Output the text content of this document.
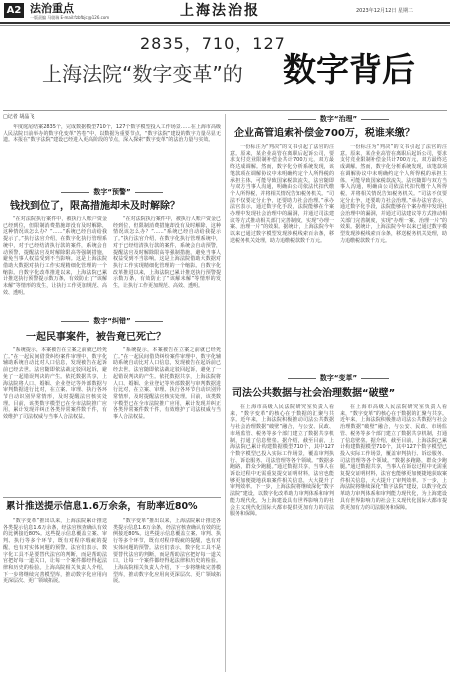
A2 法治重点
一版责编 马勍瑞 E-mail:fzbfbjc@126.com	上海法治报	2023年12月12日 星期二
2835，710，127
上海法院“数字变革”的 数字背后
□记者 胡晶飞
年度庭尾结案2835个，完成数据模型710个，127个数字模型投入工作场景……在上海市高级人民法院日前举办的数字化变革“答卷”中，以数据为重要节点，“数字法院”建设的数字力量尽显无遗。本报在“数字法院”建设已经进入更高阶段的节点，深入探索“数字变革”的法治力量与实效。
数字“预警”
钱找到位了，限高措施却未及时解除？
“在对法院执行案件中，被执行人账户资金已经到位，但限制消费措施却没有及时解除，这种情况该怎么办？”……“系统已经自动给我提示了。”执行法官介绍，在数字化执行管理系统中，对于已经结清执行款的案件，系统会自动预警，提醒法官及时解除限高等强制措施，避免当事人权益受到不当影响。这是上海法院借助大数据对执行工作实现精细化管理的一个缩影。自数字化改革推进以来，上海法院已累计推送执行预警提示数万条，有效防止了“该解未解”等情形的发生，让执行工作更加规范、高效、透明。
“在对法院执行案件中，被执行人账户资金已经到位，但限制消费措施却没有及时解除，这种情况该怎么办？”……“系统已经自动给我提示了。”执行法官介绍，在数字化执行管理系统中，对于已经结清执行款的案件，系统会自动预警，提醒法官及时解除限高等强制措施，避免当事人权益受到不当影响。这是上海法院借助大数据对执行工作实现精细化管理的一个缩影。自数字化改革推进以来，上海法院已累计推送执行预警提示数万条，有效防止了“该解未解”等情形的发生，让执行工作更加规范、高效、透明。
数字“纠错”
一起民事案件，被告竟已死亡？
“系统提示，本案被告在立案之前就已经死亡。”在一起民间借贷纠纷案件审理中，数字化辅助系统自动比对人口信息，发现被告在起诉前已经去世。法官随即依法裁定驳回起诉，避免了一起错误判决的产生。依托数据共享，上海法院将人口、婚姻、企业登记等外部数据与审判数据进行比对，在立案、审理、执行各环节自动识别异常情形，及时提醒法官核实处理。目前，该类数字模型已在全市法院推广应用，累计发现并纠正各类异常案件数千件，有效维护了司法权威与当事人合法权益。
“系统提示，本案被告在立案之前就已经死亡。”在一起民间借贷纠纷案件审理中，数字化辅助系统自动比对人口信息，发现被告在起诉前已经去世。法官随即依法裁定驳回起诉，避免了一起错误判决的产生。依托数据共享，上海法院将人口、婚姻、企业登记等外部数据与审判数据进行比对，在立案、审理、执行各环节自动识别异常情形，及时提醒法官核实处理。目前，该类数字模型已在全市法院推广应用，累计发现并纠正各类异常案件数千件，有效维护了司法权威与当事人合法权益。
累计推送提示信息1.6万余条，有助率近80%
“数字变革”推出以来，上海法院累计推送各类提示信息1.6万余条，经法官核查确认有效的比例接近80%。这些提示信息覆盖立案、审判、执行等多个环节，既有对程序瑕疵的提醒，也有对实体问题的预警。法官们表示，数字化工具不是要替代法官的判断，而是帮助法官把好每一道关口，让每一个案件都经得起法律和历史的检验。上海高院相关负责人介绍，下一步将继续完善模型库，推动数字化应用向更深层次、更广领域拓展。
“数字变革”推出以来，上海法院累计推送各类提示信息1.6万余条，经法官核查确认有效的比例接近80%。这些提示信息覆盖立案、审判、执行等多个环节，既有对程序瑕疵的提醒，也有对实体问题的预警。法官们表示，数字化工具不是要替代法官的判断，而是帮助法官把好每一道关口，让每一个案件都经得起法律和历史的检验。上海高院相关负责人介绍，下一步将继续完善模型库，推动数字化应用向更深层次、更广领域拓展。
数字“治理”
企业高管追索补偿金700万，税谁来缴？
一份标注为“判决”的文书引起了法官的注意。原来，某企业高管在离职后起诉公司，要求支付竞业限制补偿金共计700万元，双方最终达成调解。然而，数字化分析系统发现，该笔款项在调解协议中未明确约定个人所得税的承担主体，可能导致国家税款流失。法官随即与双方当事人沟通，明确由公司依法代扣代缴个人所得税，并将相关情况告知税务机关。“司法不仅要定分止争，还要助力社会治理。”承办法官表示，通过数字化手段，法院能够在个案办理中发现社会治理中的漏洞，并通过司法建议等方式推动相关部门完善制度，实现“办理一案、治理一片”的效果。据统计，上海法院今年以来已通过数字模型发现涉税线索百余条，移送税务机关处理，助力追缴税款数千万元。
一份标注为“判决”的文书引起了法官的注意。原来，某企业高管在离职后起诉公司，要求支付竞业限制补偿金共计700万元，双方最终达成调解。然而，数字化分析系统发现，该笔款项在调解协议中未明确约定个人所得税的承担主体，可能导致国家税款流失。法官随即与双方当事人沟通，明确由公司依法代扣代缴个人所得税，并将相关情况告知税务机关。“司法不仅要定分止争，还要助力社会治理。”承办法官表示，通过数字化手段，法院能够在个案办理中发现社会治理中的漏洞，并通过司法建议等方式推动相关部门完善制度，实现“办理一案、治理一片”的效果。据统计，上海法院今年以来已通过数字模型发现涉税线索百余条，移送税务机关处理，助力追缴税款数千万元。
数字“变革”
司法公共数据与社会治理数据“破壁”
在上海市高级人民法院研究室负责人看来，“数字变革”的核心在于数据的汇聚与共享。近年来，上海法院积极推动司法公共数据与社会治理数据“破壁”融合，与公安、民政、市场监管、税务等多个部门建立了数据共享机制，打通了信息壁垒。据介绍，截至目前，上海法院已累计构建数据模型710个，其中127个数字模型已投入实际工作场景，覆盖审判执行、诉讼服务、司法管理等各个领域。“数据多跑路，群众少跑腿。”通过数据共享，当事人在诉讼过程中无需重复提交证明材料，法官也能够更加便捷地获取案件相关信息，大大提升了审判效率。下一步，上海法院将继续深化“数字法院”建设，以数字化改革助力审判体系和审判能力现代化，为上海建设具有世界影响力的社会主义现代化国际大都市提供更加有力的司法服务和保障。
在上海市高级人民法院研究室负责人看来，“数字变革”的核心在于数据的汇聚与共享。近年来，上海法院积极推动司法公共数据与社会治理数据“破壁”融合，与公安、民政、市场监管、税务等多个部门建立了数据共享机制，打通了信息壁垒。据介绍，截至目前，上海法院已累计构建数据模型710个，其中127个数字模型已投入实际工作场景，覆盖审判执行、诉讼服务、司法管理等各个领域。“数据多跑路，群众少跑腿。”通过数据共享，当事人在诉讼过程中无需重复提交证明材料，法官也能够更加便捷地获取案件相关信息，大大提升了审判效率。下一步，上海法院将继续深化“数字法院”建设，以数字化改革助力审判体系和审判能力现代化，为上海建设具有世界影响力的社会主义现代化国际大都市提供更加有力的司法服务和保障。
